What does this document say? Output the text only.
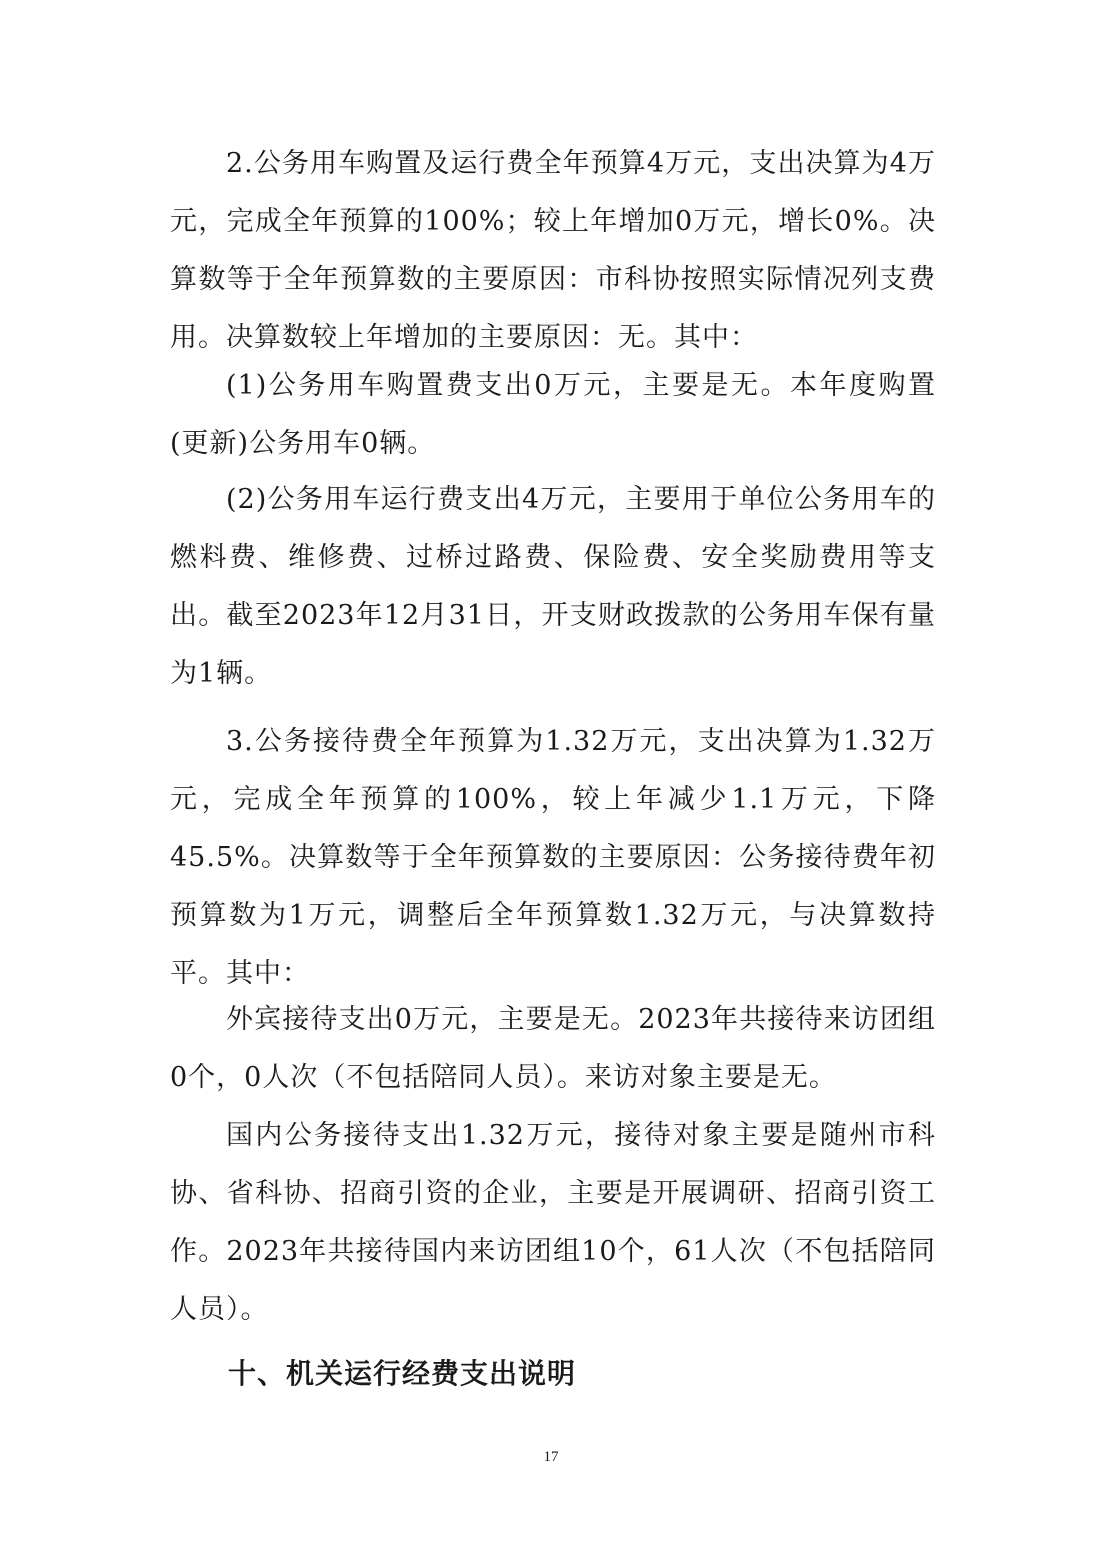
2.公务用车购置及运行费全年预算4万元，支出决算为4万元，完成全年预算的100%；较上年增加0万元，增长0%。决算数等于全年预算数的主要原因：市科协按照实际情况列支费用。决算数较上年增加的主要原因：无。其中：

(1)公务用车购置费支出0万元，主要是无。本年度购置(更新)公务用车0辆。

(2)公务用车运行费支出4万元，主要用于单位公务用车的燃料费、维修费、过桥过路费、保险费、安全奖励费用等支出。截至2023年12月31日，开支财政拨款的公务用车保有量为1辆。

3.公务接待费全年预算为1.32万元，支出决算为1.32万元，完成全年预算的100%，较上年减少1.1万元，下降45.5%。决算数等于全年预算数的主要原因：公务接待费年初预算数为1万元，调整后全年预算数1.32万元，与决算数持平。其中：

外宾接待支出0万元，主要是无。2023年共接待来访团组0个，0人次（不包括陪同人员）。来访对象主要是无。

国内公务接待支出1.32万元，接待对象主要是随州市科协、省科协、招商引资的企业，主要是开展调研、招商引资工作。2023年共接待国内来访团组10个，61人次（不包括陪同人员）。

十、机关运行经费支出说明
17
